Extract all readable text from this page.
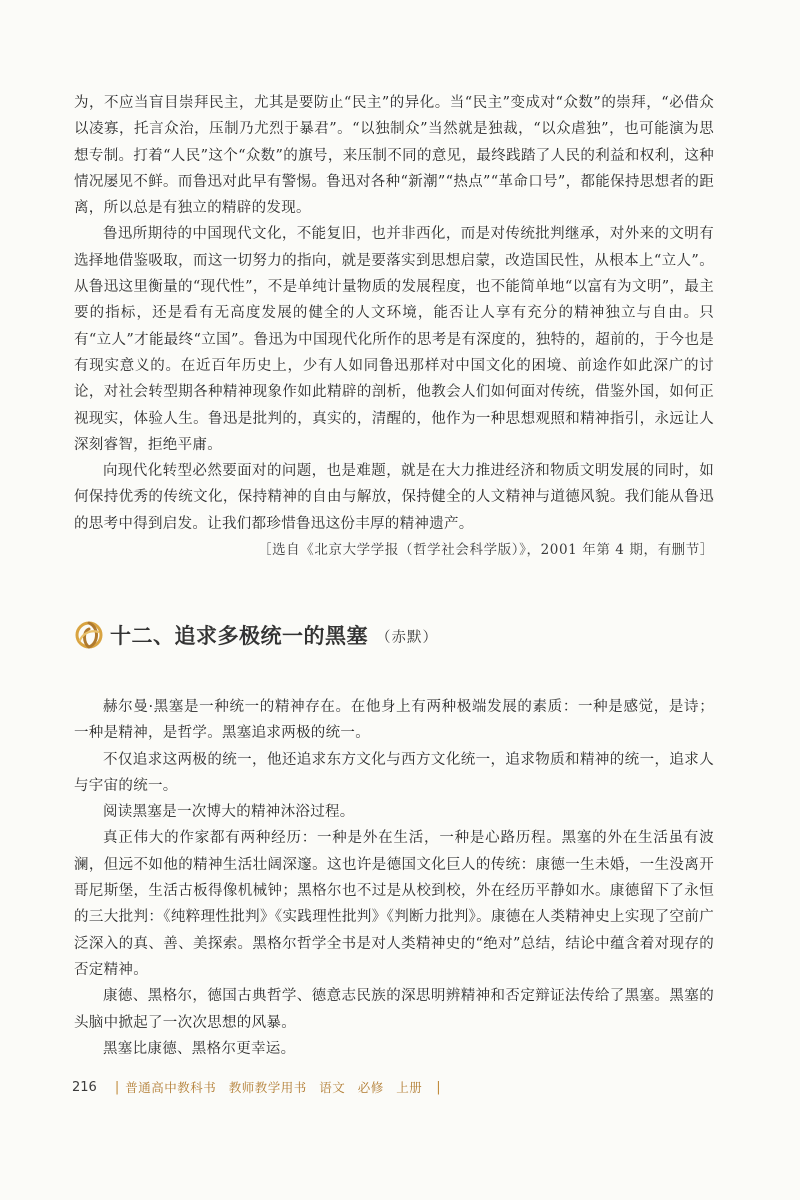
为，不应当盲目崇拜民主，尤其是要防止“民主”的异化。当“民主”变成对“众数”的崇拜，“必借众以凌寡，托言众治，压制乃尤烈于暴君”。“以独制众”当然就是独裁，“以众虐独”，也可能演为思想专制。打着“人民”这个“众数”的旗号，来压制不同的意见，最终践踏了人民的利益和权利，这种情况屡见不鲜。而鲁迅对此早有警惕。鲁迅对各种“新潮”“热点”“革命口号”，都能保持思想者的距离，所以总是有独立的精辟的发现。

鲁迅所期待的中国现代文化，不能复旧，也并非西化，而是对传统批判继承，对外来的文明有选择地借鉴吸取，而这一切努力的指向，就是要落实到思想启蒙，改造国民性，从根本上“立人”。从鲁迅这里衡量的“现代性”，不是单纯计量物质的发展程度，也不能简单地“以富有为文明”，最主要的指标，还是看有无高度发展的健全的人文环境，能否让人享有充分的精神独立与自由。只有“立人”才能最终“立国”。鲁迅为中国现代化所作的思考是有深度的，独特的，超前的，于今也是有现实意义的。在近百年历史上，少有人如同鲁迅那样对中国文化的困境、前途作如此深广的讨论，对社会转型期各种精神现象作如此精辟的剖析，他教会人们如何面对传统，借鉴外国，如何正视现实，体验人生。鲁迅是批判的，真实的，清醒的，他作为一种思想观照和精神指引，永远让人深刻睿智，拒绝平庸。

向现代化转型必然要面对的问题，也是难题，就是在大力推进经济和物质文明发展的同时，如何保持优秀的传统文化，保持精神的自由与解放，保持健全的人文精神与道德风貌。我们能从鲁迅的思考中得到启发。让我们都珍惜鲁迅这份丰厚的精神遗产。

［选自《北京大学学报（哲学社会科学版）》，2001 年第 4 期，有删节］
十二、追求多极统一的黑塞 （赤默）

赫尔曼·黑塞是一种统一的精神存在。在他身上有两种极端发展的素质：一种是感觉，是诗；一种是精神，是哲学。黑塞追求两极的统一。

不仅追求这两极的统一，他还追求东方文化与西方文化统一，追求物质和精神的统一，追求人与宇宙的统一。

阅读黑塞是一次博大的精神沐浴过程。

真正伟大的作家都有两种经历：一种是外在生活，一种是心路历程。黑塞的外在生活虽有波澜，但远不如他的精神生活壮阔深邃。这也许是德国文化巨人的传统：康德一生未婚，一生没离开哥尼斯堡，生活古板得像机械钟；黑格尔也不过是从校到校，外在经历平静如水。康德留下了永恒的三大批判：《纯粹理性批判》《实践理性批判》《判断力批判》。康德在人类精神史上实现了空前广泛深入的真、善、美探索。黑格尔哲学全书是对人类精神史的“绝对”总结，结论中蕴含着对现存的否定精神。

康德、黑格尔，德国古典哲学、德意志民族的深思明辨精神和否定辩证法传给了黑塞。黑塞的头脑中掀起了一次次思想的风暴。

黑塞比康德、黑格尔更幸运。

216 | 普通高中教科书 教师教学用书 语文 必修 上册	|
